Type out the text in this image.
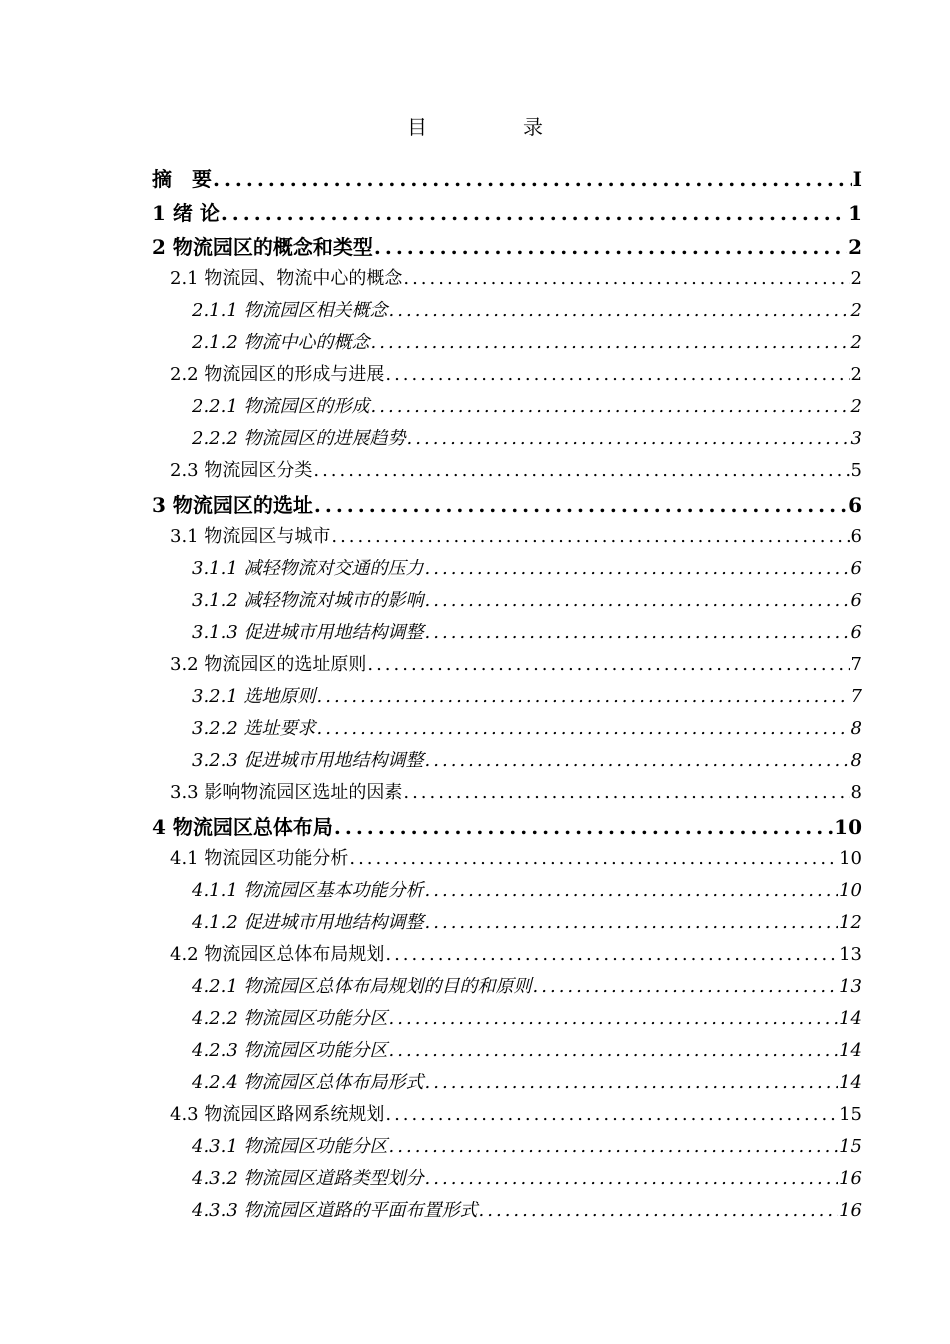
目　录
摘　要 .....	I
1 绪 论 .....	1
2 物流园区的概念和类型 .....	2
2.1 物流园、物流中心的概念 .....	2
2.1.1 物流园区相关概念 .....	2
2.1.2 物流中心的概念 .....	2
2.2 物流园区的形成与进展 .....	2
2.2.1 物流园区的形成 .....	2
2.2.2 物流园区的进展趋势 .....	3
2.3 物流园区分类 .....	5
3 物流园区的选址 .....	6
3.1 物流园区与城市 .....	6
3.1.1 减轻物流对交通的压力 .....	6
3.1.2 减轻物流对城市的影响 .....	6
3.1.3 促进城市用地结构调整 .....	6
3.2 物流园区的选址原则 .....	7
3.2.1 选地原则 .....	7
3.2.2 选址要求 .....	8
3.2.3 促进城市用地结构调整 .....	8
3.3 影响物流园区选址的因素 .....	8
4 物流园区总体布局 .....	10
4.1 物流园区功能分析 .....	10
4.1.1 物流园区基本功能分析 .....	10
4.1.2 促进城市用地结构调整 .....	12
4.2 物流园区总体布局规划 .....	13
4.2.1 物流园区总体布局规划的目的和原则 .....	13
4.2.2 物流园区功能分区 .....	14
4.2.3 物流园区功能分区 .....	14
4.2.4 物流园区总体布局形式 .....	14
4.3 物流园区路网系统规划 .....	15
4.3.1 物流园区功能分区 .....	15
4.3.2 物流园区道路类型划分 .....	16
4.3.3 物流园区道路的平面布置形式 .....	16
